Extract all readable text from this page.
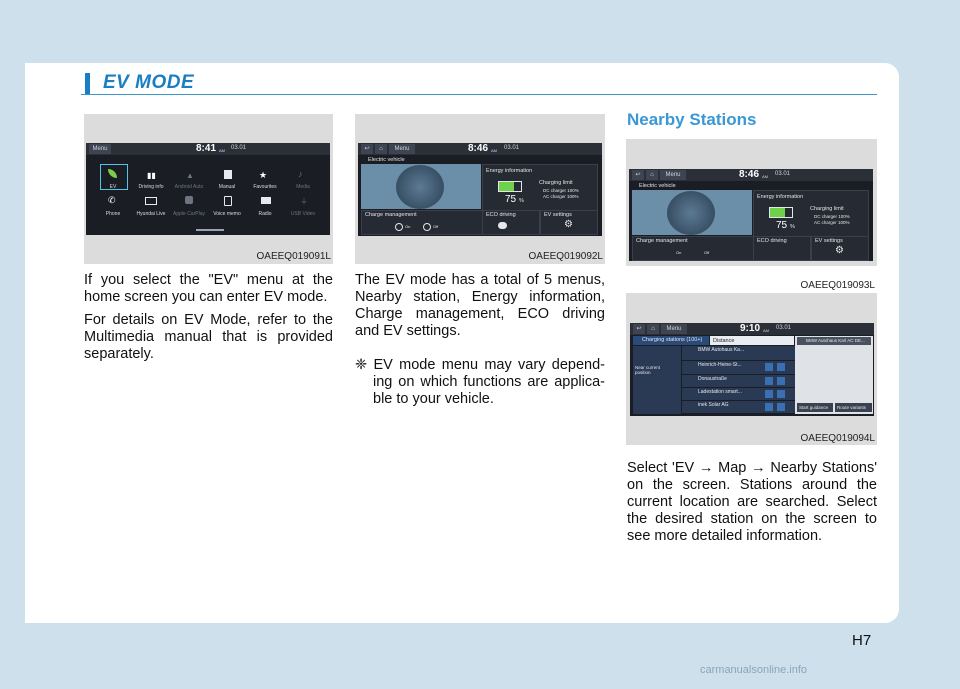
EV MODE
Menu	8:41 AM 03.01
▮▮	▲	★	♪
EV	Driving info	Android Auto	Manual	Favourites	Media
✆	⏚
Phone	Hyundai Live	Apple CarPlay	Voice memo	Radio	USB Video
OAEEQ019091L
↩	⌂	Menu	8:46 AM 03.01
Electric vehicle
Energy information
75 %
Charging limit
DC charger 100%
AC charger 100%
Charge management
On	Off
ECO driving	EV settings
⚙
OAEEQ019092L
↩	⌂	Menu	8:46 AM 03.01
Electric vehicle
Energy information
75 %
Charging limit
DC charger 100%
AC charger 100%
Charge management
On	Off
ECO driving	EV settings
⚙
OAEEQ019093L
↩	⌂	Menu	9:10 AM 03.01
Charging stations (100+) Distance
Near current position
BMW Autohaus Ka...
Heinrich-Heine-St...
Donaustraße
Ladestation smart...
inek Solar AG
BMW Autohaus Karl AC DE...
Start guidance Route variants
OAEEQ019094L

If you select the "EV" menu at the home screen you can enter EV mode.

For details on EV Mode, refer to the Multimedia manual that is provided separately.

The EV mode has a total of 5 menus, Nearby station, Energy information, Charge management, ECO driving and EV settings.

❈ EV mode menu may vary depend-ing on which functions are applica-ble to your vehicle.

Nearby Stations

Select 'EV → Map → Nearby Stations' on the screen. Stations around the current location are searched. Select the desired station on the screen to see more detailed information.

H7
carmanualsonline.info
